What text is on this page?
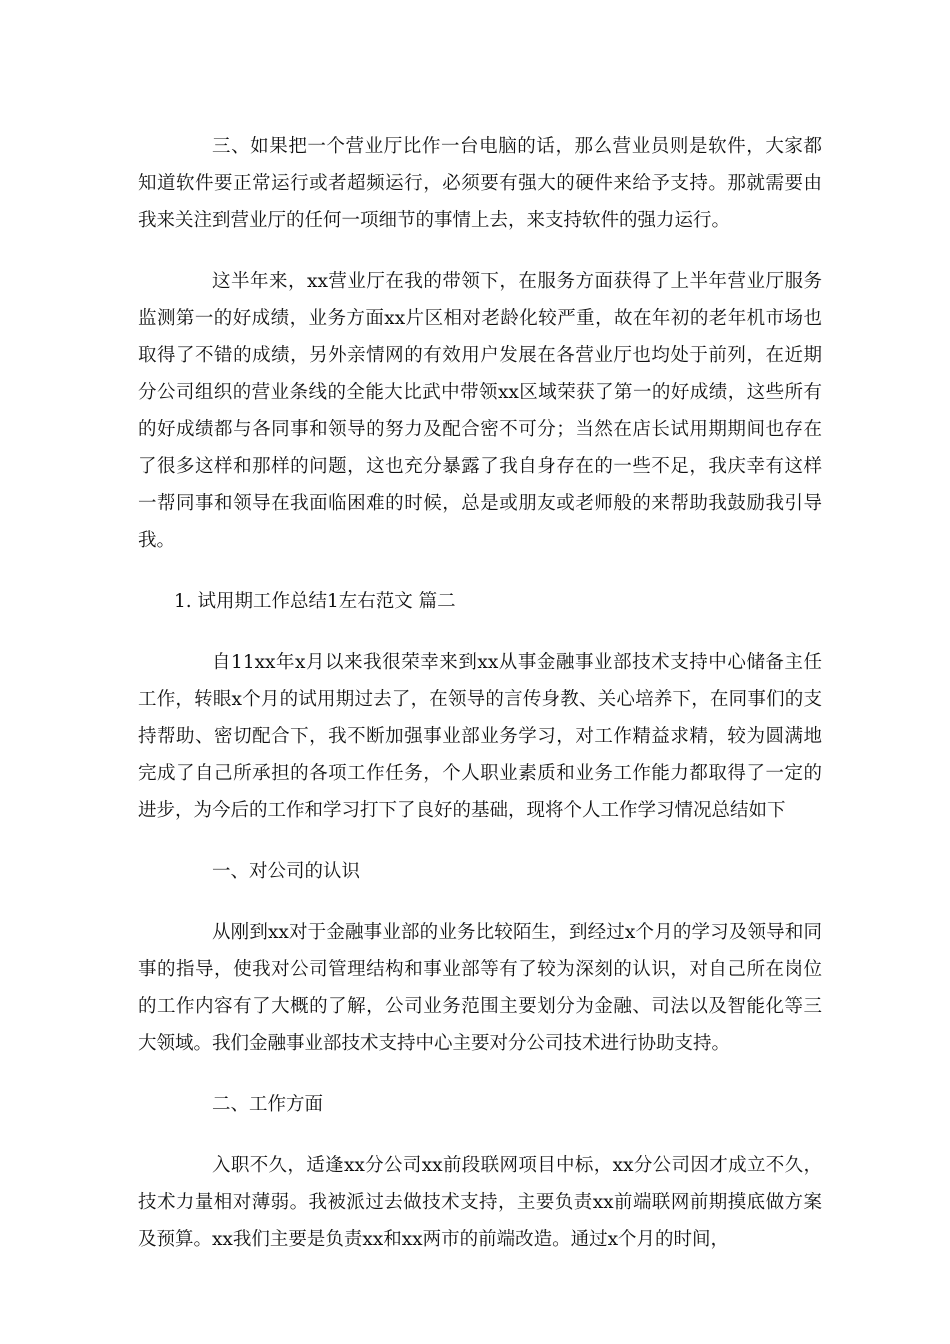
三、如果把一个营业厅比作一台电脑的话，那么营业员则是软件，大家都知道软件要正常运行或者超频运行，必须要有强大的硬件来给予支持。那就需要由我来关注到营业厅的任何一项细节的事情上去，来支持软件的强力运行。

这半年来，xx营业厅在我的带领下，在服务方面获得了上半年营业厅服务监测第一的好成绩，业务方面xx片区相对老龄化较严重，故在年初的老年机市场也取得了不错的成绩，另外亲情网的有效用户发展在各营业厅也均处于前列，在近期分公司组织的营业条线的全能大比武中带领xx区域荣获了第一的好成绩，这些所有的好成绩都与各同事和领导的努力及配合密不可分；当然在店长试用期期间也存在了很多这样和那样的问题，这也充分暴露了我自身存在的一些不足，我庆幸有这样一帮同事和领导在我面临困难的时候，总是或朋友或老师般的来帮助我鼓励我引导我。

1. 试用期工作总结1左右范文 篇二

自11xx年x月以来我很荣幸来到xx从事金融事业部技术支持中心储备主任工作，转眼x个月的试用期过去了，在领导的言传身教、关心培养下，在同事们的支持帮助、密切配合下，我不断加强事业部业务学习，对工作精益求精，较为圆满地完成了自己所承担的各项工作任务，个人职业素质和业务工作能力都取得了一定的进步，为今后的工作和学习打下了良好的基础，现将个人工作学习情况总结如下

一、对公司的认识

从刚到xx对于金融事业部的业务比较陌生，到经过x个月的学习及领导和同事的指导，使我对公司管理结构和事业部等有了较为深刻的认识，对自己所在岗位的工作内容有了大概的了解，公司业务范围主要划分为金融、司法以及智能化等三大领域。我们金融事业部技术支持中心主要对分公司技术进行协助支持。

二、工作方面

入职不久，适逢xx分公司xx前段联网项目中标，xx分公司因才成立不久，技术力量相对薄弱。我被派过去做技术支持，主要负责xx前端联网前期摸底做方案及预算。xx我们主要是负责xx和xx两市的前端改造。通过x个月的时间，
